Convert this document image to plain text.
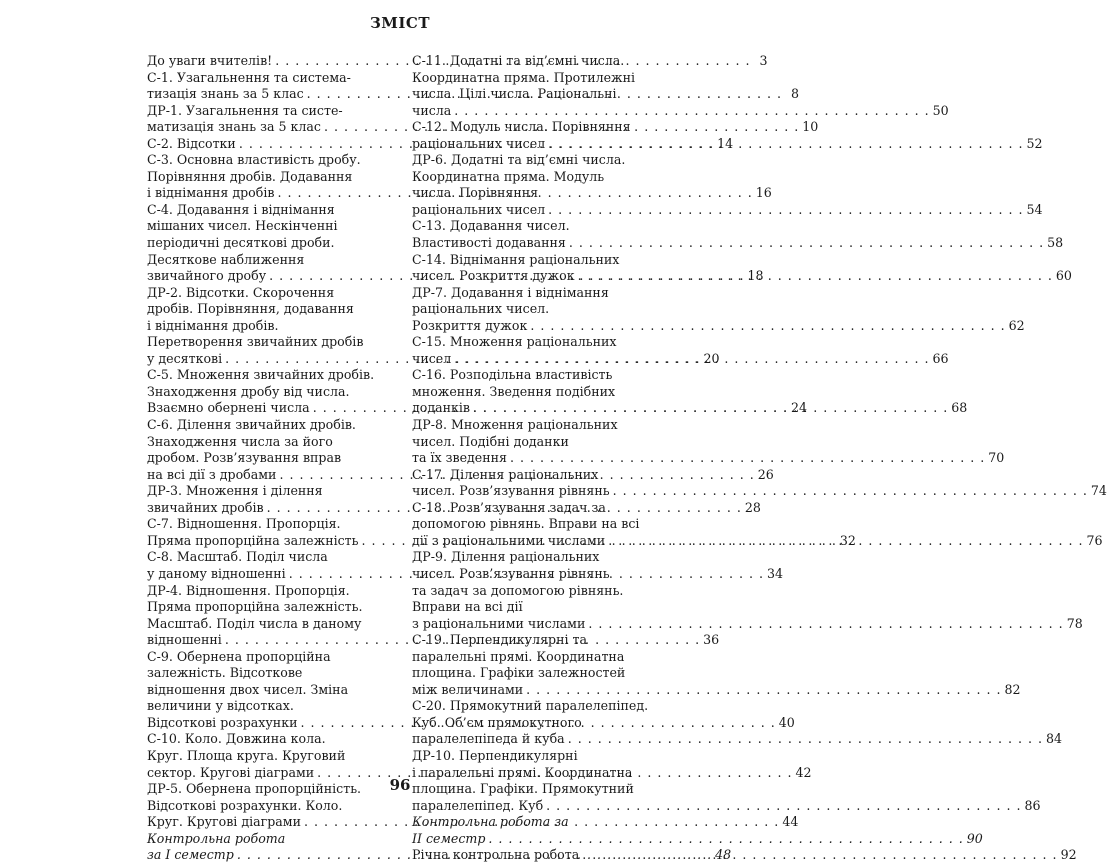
ЗМІСТ
До уваги вчителів! . . .	3
С-1. Узагальнення та система-
тизація знань за 5 клас . . .	8
ДР-1. Узагальнення та систе-
матизація знань за 5 клас . . .	10
С-2. Відсотки . . .	14
С-3. Основна властивість дробу.
Порівняння дробів. Додавання
і віднімання дробів . . .	16
С-4. Додавання і віднімання
мішаних чисел. Нескінченні
періодичні десяткові дроби.
Десяткове наближення
звичайного дробу . . .	18
ДР-2. Відсотки. Скорочення
дробів. Порівняння, додавання
і віднімання дробів.
Перетворення звичайних дробів
у десяткові . . .	20
С-5. Множення звичайних дробів.
Знаходження дробу від числа.
Взаємно обернені числа . . .	24
С-6. Ділення звичайних дробів.
Знаходження числа за його
дробом. Розв’язування вправ
на всі дії з дробами . . .	26
ДР-3. Множення і ділення
звичайних дробів . . .	28
С-7. Відношення. Пропорція.
Пряма пропорційна залежність . . .	32
С-8. Масштаб. Поділ числа
у даному відношенні . . .	34
ДР-4. Відношення. Пропорція.
Пряма пропорційна залежність.
Масштаб. Поділ числа в даному
відношенні . . .	36
С-9. Обернена пропорційна
залежність. Відсоткове
відношення двох чисел. Зміна
величини у відсотках.
Відсоткові розрахунки . . .	40
С-10. Коло. Довжина кола.
Круг. Площа круга. Круговий
сектор. Кругові діаграми . . .	42
ДР-5. Обернена пропорційність.
Відсоткові розрахунки. Коло.
Круг. Кругові діаграми . . .	44
Контрольна робота
за I семестр . . .	48
С-11. Додатні та від’ємні числа.
Координатна пряма. Протилежні
числа. Цілі числа. Раціональні
числа . . .	50
С-12. Модуль числа. Порівняння
раціональних чисел . . .	52
ДР-6. Додатні та від’ємні числа.
Координатна пряма. Модуль
числа. Порівняння
раціональних чисел . . .	54
С-13. Додавання чисел.
Властивості додавання . . .	58
С-14. Віднімання раціональних
чисел. Розкриття дужок . . .	60
ДР-7. Додавання і віднімання
раціональних чисел.
Розкриття дужок . . .	62
С-15. Множення раціональних
чисел . . .	66
С-16. Розподільна властивість
множення. Зведення подібних
доданків . . .	68
ДР-8. Множення раціональних
чисел. Подібні доданки
та їх зведення . . .	70
С-17. Ділення раціональних
чисел. Розв’язування рівнянь . . .	74
С-18. Розв’язування задач за
допомогою рівнянь. Вправи на всі
дії з раціональними числами . . .	76
ДР-9. Ділення раціональних
чисел. Розв’язування рівнянь
та задач за допомогою рівнянь.
Вправи на всі дії
з раціональними числами . . .	78
С-19. Перпендикулярні та
паралельні прямі. Координатна
площина. Графіки залежностей
між величинами . . .	82
С-20. Прямокутний паралелепіпед.
Куб. Об’єм прямокутного
паралелепіпеда й куба . . .	84
ДР-10. Перпендикулярні
і паралельні прямі. Координатна
площина. Графіки. Прямокутний
паралелепіпед. Куб . . .	86
Контрольна робота за
II семестр . . .	90
Річна контрольна робота . . .	92
96
